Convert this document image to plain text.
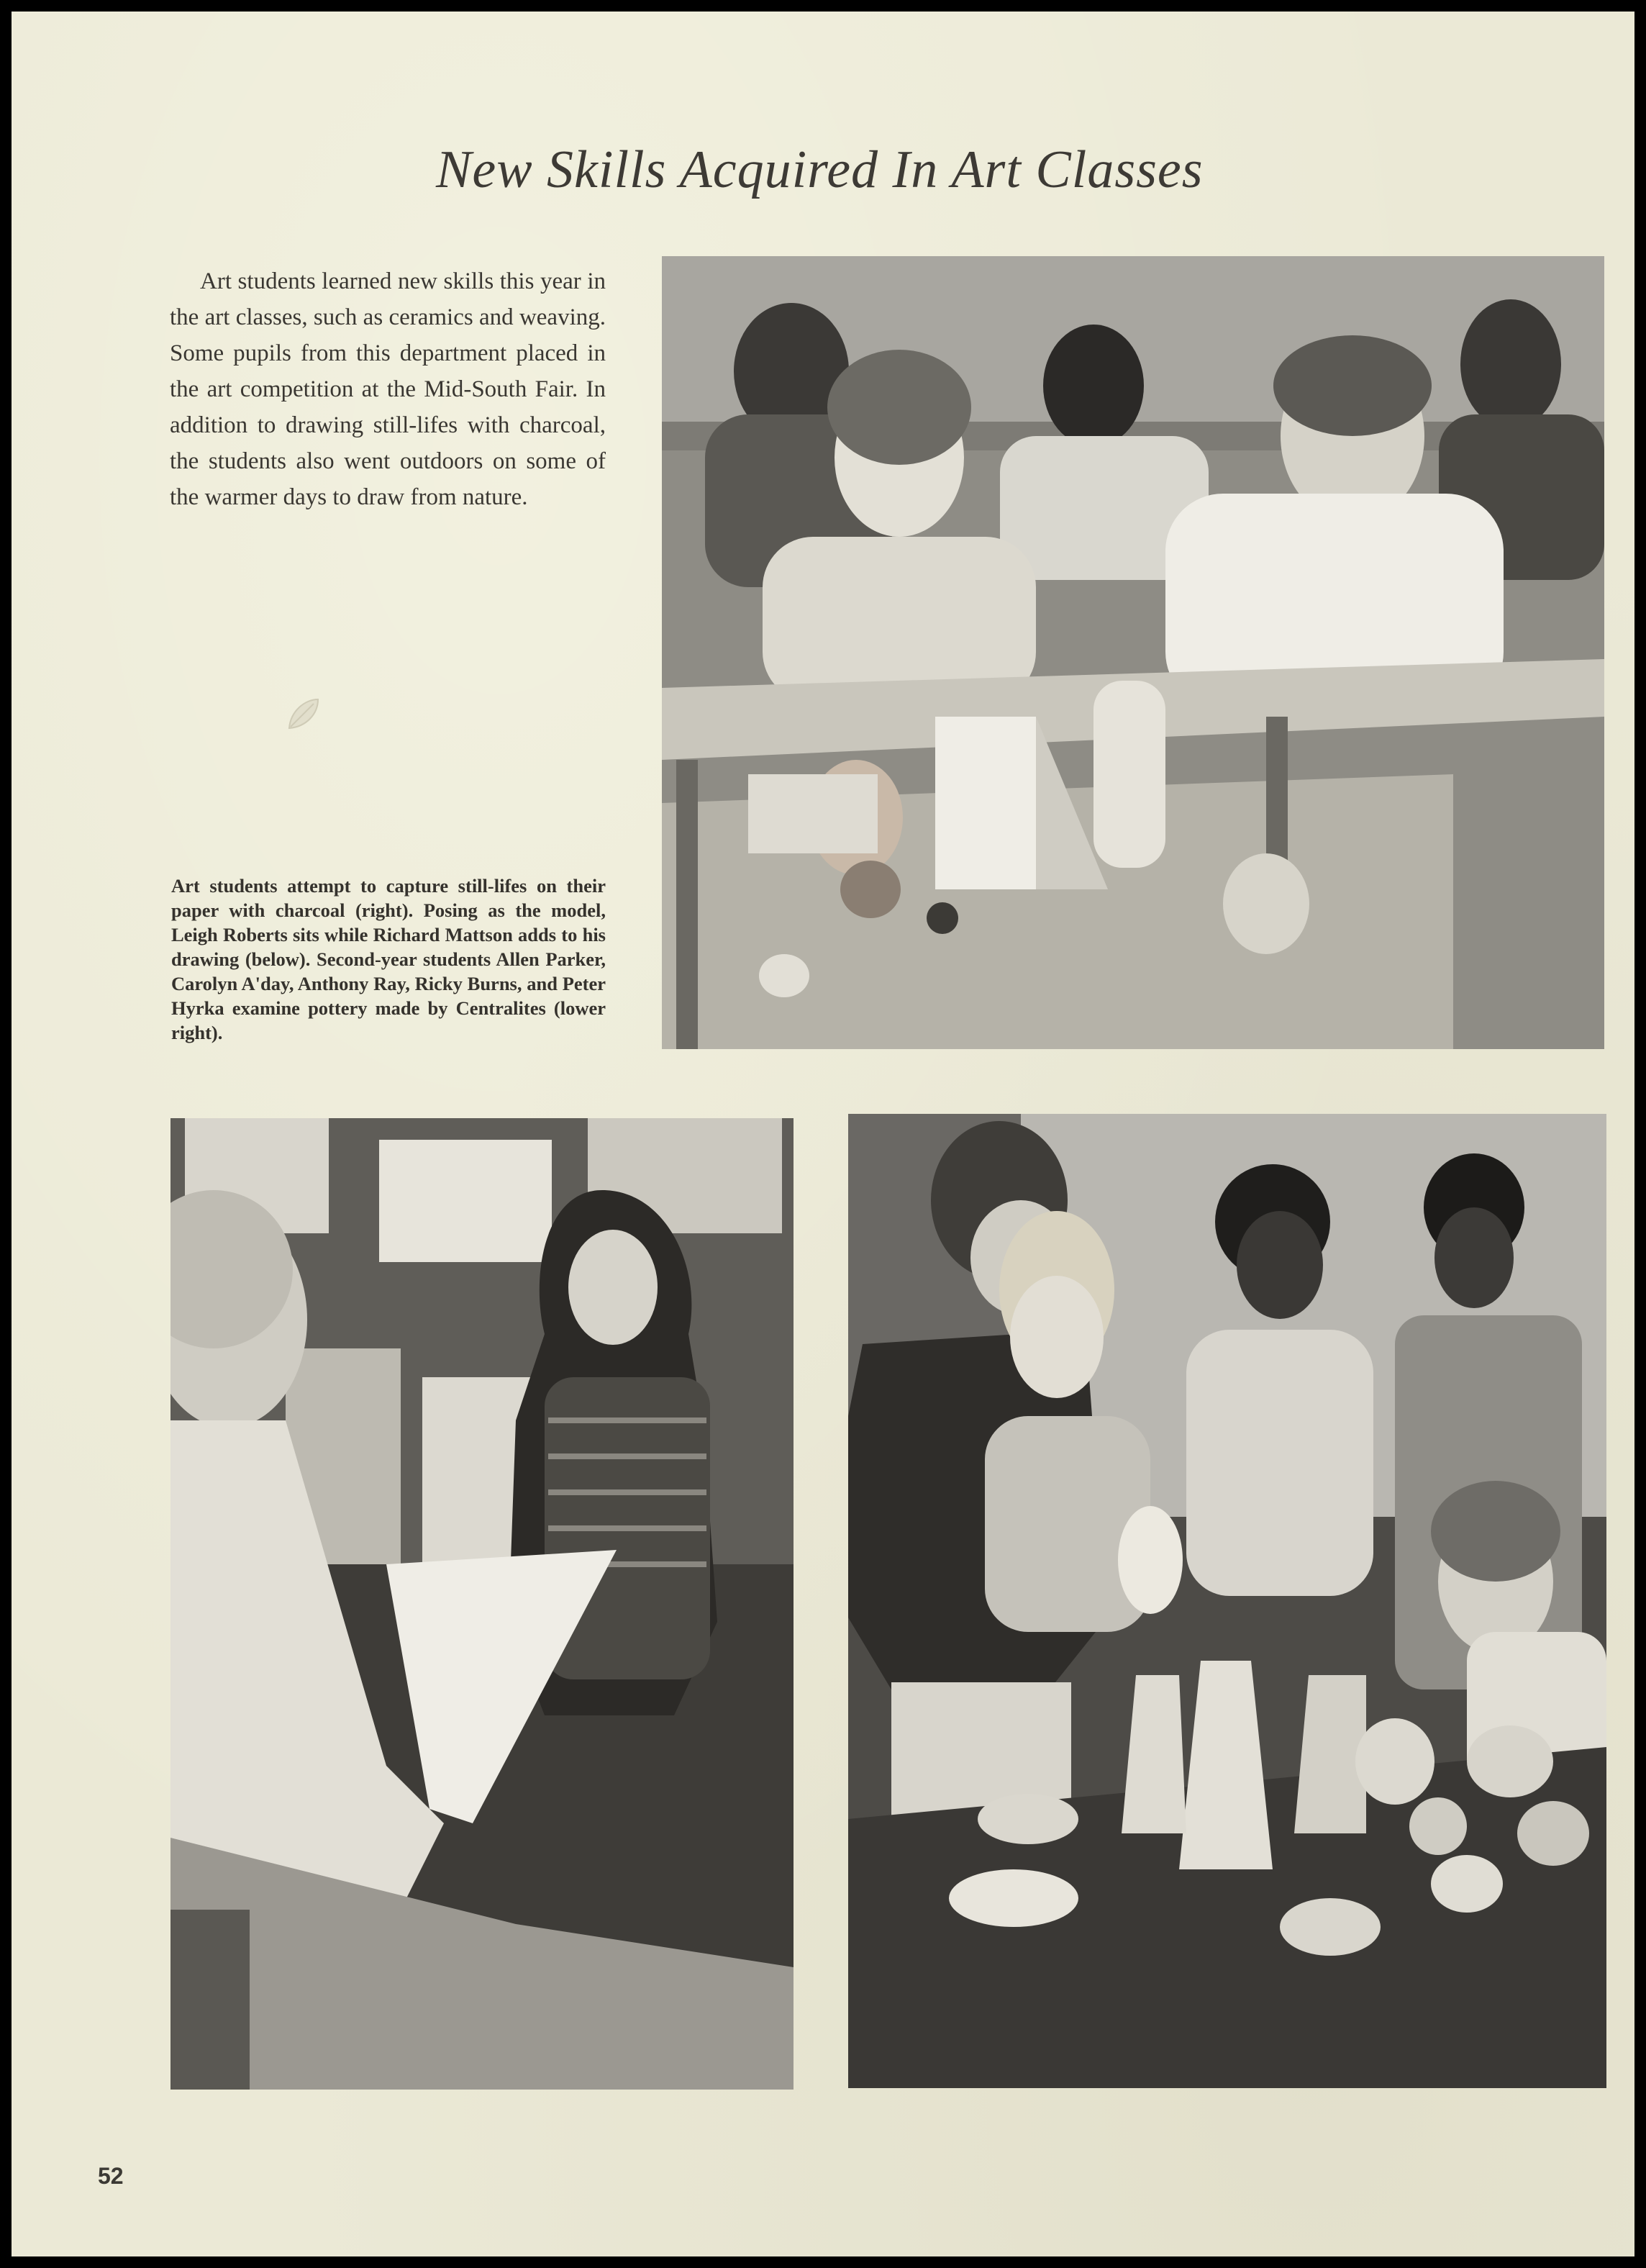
New Skills Acquired In Art Classes

Art students learned new skills this year in the art classes, such as ceramics and weaving. Some pupils from this department placed in the art competition at the Mid-South Fair. In addition to drawing still-lifes with charcoal, the students also went outdoors on some of the warmer days to draw from nature.

Art students attempt to capture still-lifes on their paper with charcoal (right). Posing as the model, Leigh Roberts sits while Richard Mattson adds to his drawing (below). Second-year students Allen Parker, Carolyn A'day, Anthony Ray, Ricky Burns, and Peter Hyrka examine pottery made by Centralites (lower right).

52
